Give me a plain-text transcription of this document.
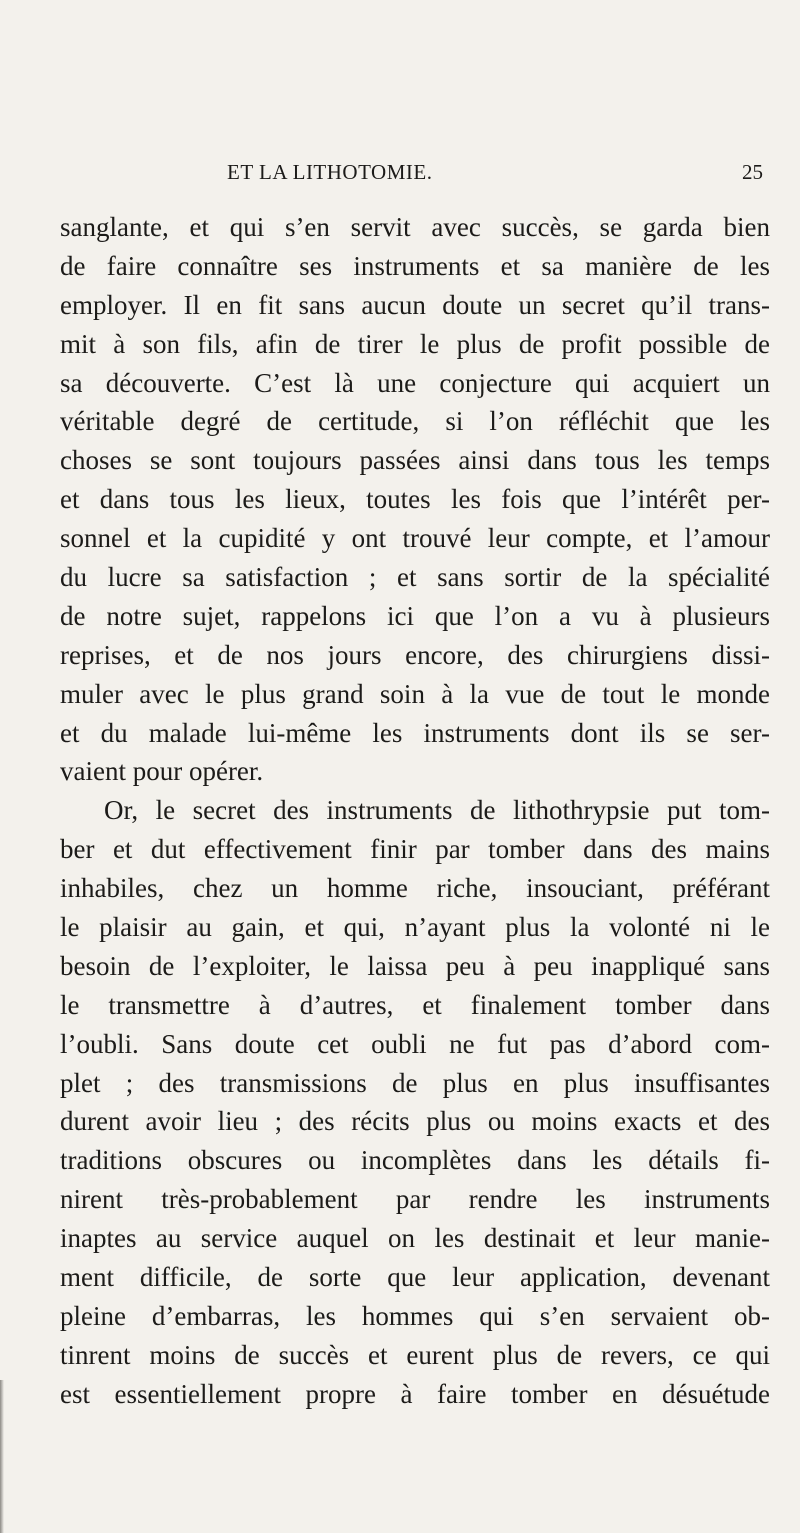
ET LA LITHOTOMIE.	25
sanglante, et qui s’en servit avec succès, se garda bien
de faire connaître ses instruments et sa manière de les
employer. Il en fit sans aucun doute un secret qu’il trans-
mit à son fils, afin de tirer le plus de profit possible de
sa découverte. C’est là une conjecture qui acquiert un
véritable degré de certitude, si l’on réfléchit que les
choses se sont toujours passées ainsi dans tous les temps
et dans tous les lieux, toutes les fois que l’intérêt per-
sonnel et la cupidité y ont trouvé leur compte, et l’amour
du lucre sa satisfaction ; et sans sortir de la spécialité
de notre sujet, rappelons ici que l’on a vu à plusieurs
reprises, et de nos jours encore, des chirurgiens dissi-
muler avec le plus grand soin à la vue de tout le monde
et du malade lui-même les instruments dont ils se ser-
vaient pour opérer.
Or, le secret des instruments de lithothrypsie put tom-
ber et dut effectivement finir par tomber dans des mains
inhabiles, chez un homme riche, insouciant, préférant
le plaisir au gain, et qui, n’ayant plus la volonté ni le
besoin de l’exploiter, le laissa peu à peu inappliqué sans
le transmettre à d’autres, et finalement tomber dans
l’oubli. Sans doute cet oubli ne fut pas d’abord com-
plet ; des transmissions de plus en plus insuffisantes
durent avoir lieu ; des récits plus ou moins exacts et des
traditions obscures ou incomplètes dans les détails fi-
nirent très-probablement par rendre les instruments
inaptes au service auquel on les destinait et leur manie-
ment difficile, de sorte que leur application, devenant
pleine d’embarras, les hommes qui s’en servaient ob-
tinrent moins de succès et eurent plus de revers, ce qui
est essentiellement propre à faire tomber en désuétude
